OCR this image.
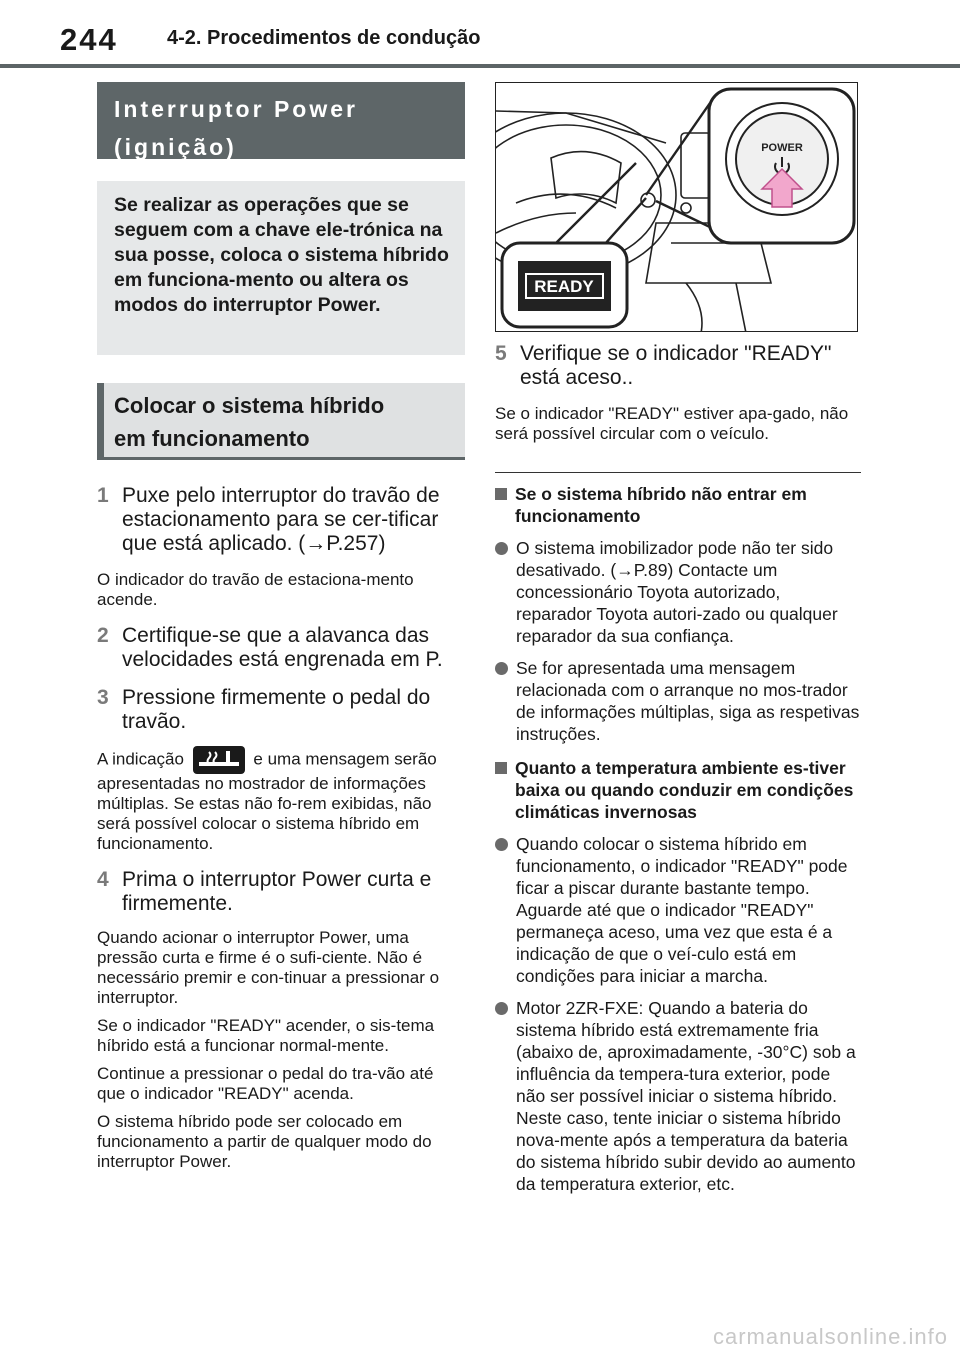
244 4-2. Procedimentos de condução
Interruptor Power
(ignição)
Se realizar as operações que se seguem com a chave ele-trónica na sua posse, coloca o sistema híbrido em funciona-mento ou altera os modos do interruptor Power.
Colocar o sistema híbrido
em funcionamento
1 Puxe pelo interruptor do travão de estacionamento para se cer-tificar que está aplicado. (→P.257)
O indicador do travão de estaciona-mento acende.
2 Certifique-se que a alavanca das velocidades está engrenada em P.
3 Pressione firmemente o pedal do travão.
A indicação	e uma mensagem serão apresentadas no mostrador de informações múltiplas. Se estas não fo-rem exibidas, não será possível colocar o sistema híbrido em funcionamento.
4 Prima o interruptor Power curta e firmemente.
Quando acionar o interruptor Power, uma pressão curta e firme é o sufi-ciente. Não é necessário premir e con-tinuar a pressionar o interruptor.
Se o indicador "READY" acender, o sis-tema híbrido está a funcionar normal-mente.
Continue a pressionar o pedal do tra-vão até que o indicador "READY" acenda.
O sistema híbrido pode ser colocado em funcionamento a partir de qualquer modo do interruptor Power.
POWER
READY
5 Verifique se o indicador "READY" está aceso..
Se o indicador "READY" estiver apa-gado, não será possível circular com o veículo.
Se o sistema híbrido não entrar em funcionamento
O sistema imobilizador pode não ter sido desativado. (→P.89) Contacte um concessionário Toyota autorizado, reparador Toyota autori-zado ou qualquer reparador da sua confiança.
Se for apresentada uma mensagem relacionada com o arranque no mos-trador de informações múltiplas, siga as respetivas instruções.
Quanto a temperatura ambiente es-tiver baixa ou quando conduzir em condições climáticas invernosas
Quando colocar o sistema híbrido em funcionamento, o indicador "READY" pode ficar a piscar durante bastante tempo. Aguarde até que o indicador "READY" permaneça aceso, uma vez que esta é a indicação de que o veí-culo está em condições para iniciar a marcha.
Motor 2ZR-FXE: Quando a bateria do sistema híbrido está extremamente fria (abaixo de, aproximadamente, -30°C) sob a influência da tempera-tura exterior, pode não ser possível iniciar o sistema híbrido. Neste caso, tente iniciar o sistema híbrido nova-mente após a temperatura da bateria do sistema híbrido subir devido ao aumento da temperatura exterior, etc.
carmanualsonline.info
